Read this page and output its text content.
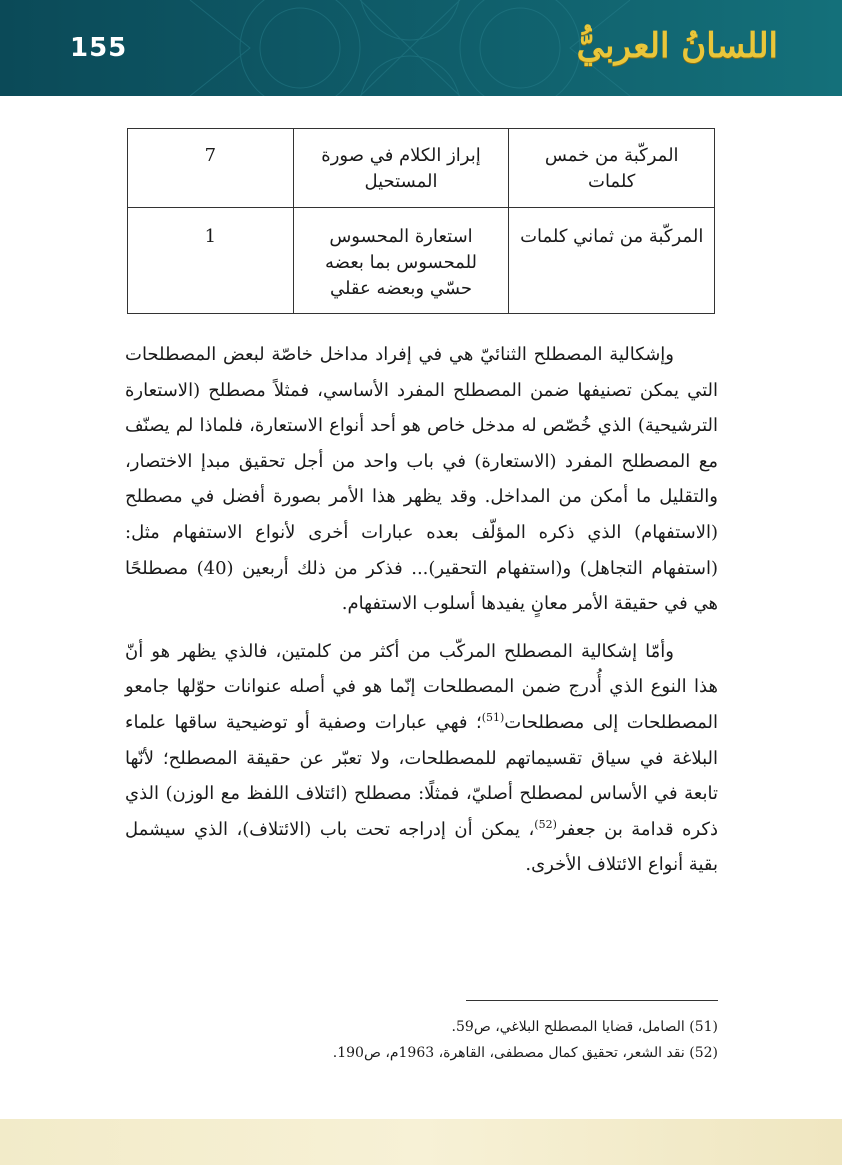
155	اللسانُ العربيُّ
المركّبة من خمس كلمات	إبراز الكلام في صورة المستحيل	7
المركّبة من ثماني كلمات	استعارة المحسوس للمحسوس بما بعضه حسّي وبعضه عقلي	1

وإشكالية المصطلح الثنائيّ هي في إفراد مداخل خاصّة لبعض المصطلحات التي يمكن تصنيفها ضمن المصطلح المفرد الأساسي، فمثلاً مصطلح (الاستعارة الترشيحية) الذي خُصّص له مدخل خاص هو أحد أنواع الاستعارة، فلماذا لم يصنّف مع المصطلح المفرد (الاستعارة) في باب واحد من أجل تحقيق مبدإ الاختصار، والتقليل ما أمكن من المداخل. وقد يظهر هذا الأمر بصورة أفضل في مصطلح (الاستفهام) الذي ذكره المؤلّف بعده عبارات أخرى لأنواع الاستفهام مثل: (استفهام التجاهل) و(استفهام التحقير)... فذكر من ذلك أربعين (40) مصطلحًا هي في حقيقة الأمر معانٍ يفيدها أسلوب الاستفهام.

وأمّا إشكالية المصطلح المركّب من أكثر من كلمتين، فالذي يظهر هو أنّ هذا النوع الذي أُدرج ضمن المصطلحات إنّما هو في أصله عنوانات حوّلها جامعو المصطلحات إلى مصطلحات$^{(51)}$؛ فهي عبارات وصفية أو توضيحية ساقها علماء البلاغة في سياق تقسيماتهم للمصطلحات، ولا تعبّر عن حقيقة المصطلح؛ لأنّها تابعة في الأساس لمصطلح أصليّ، فمثلًا: مصطلح (ائتلاف اللفظ مع الوزن) الذي ذكره قدامة بن جعفر$^{(52)}$، يمكن أن إدراجه تحت باب (الائتلاف)، الذي سيشمل بقية أنواع الائتلاف الأخرى.

(51) الصامل، قضايا المصطلح البلاغي، ص59.
(52) نقد الشعر، تحقيق كمال مصطفى، القاهرة، 1963م، ص190.
